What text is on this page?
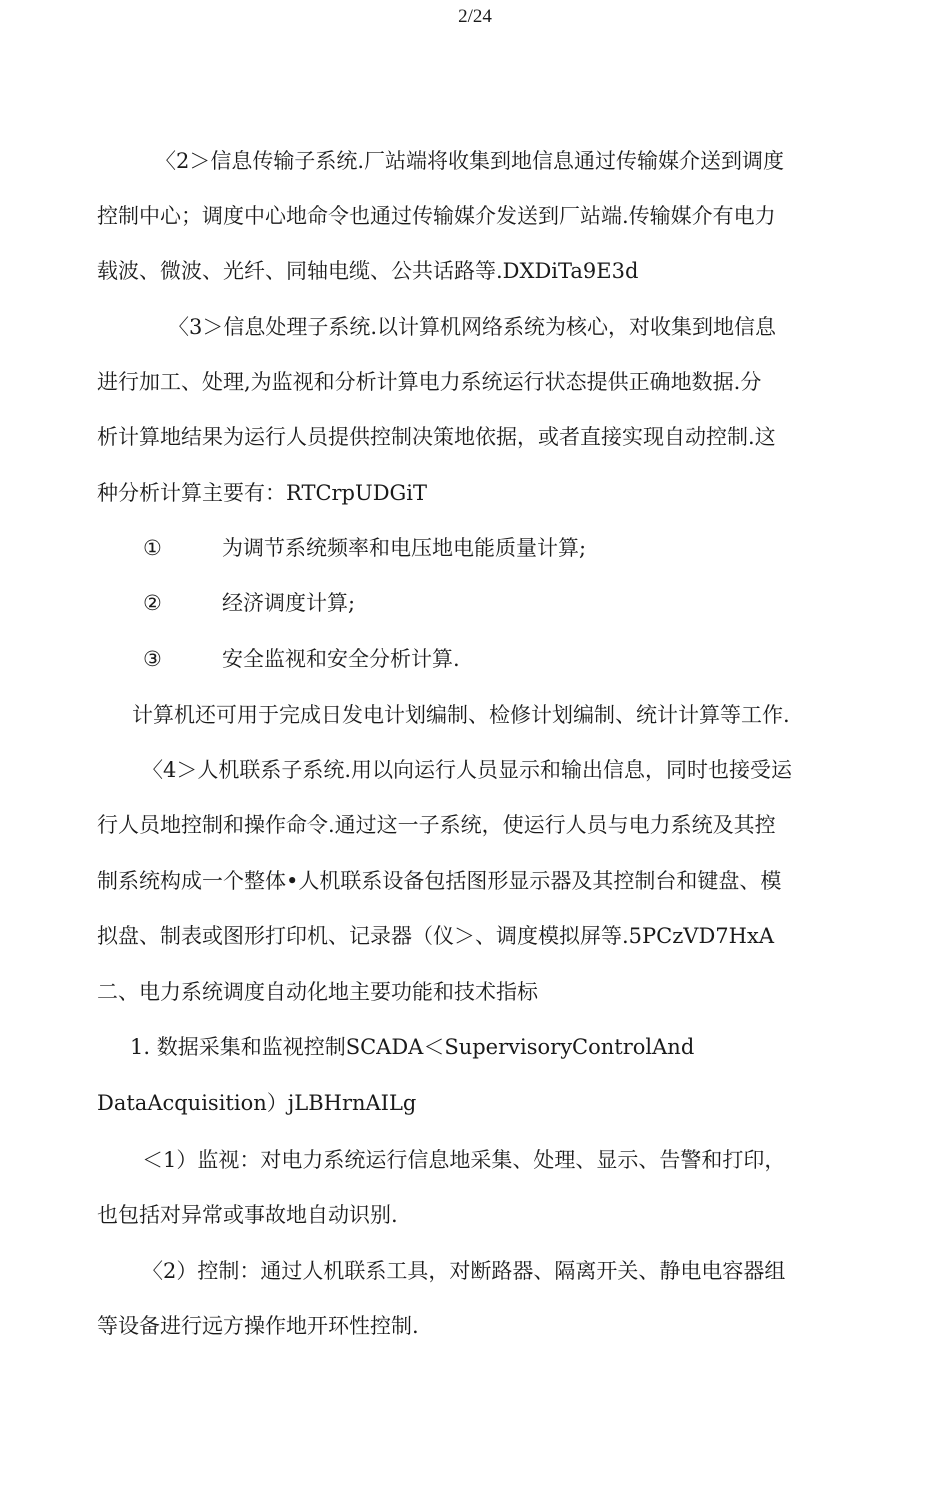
2/24
〈2＞信息传输子系统.厂站端将收集到地信息通过传输媒介送到调度
控制中心；调度中心地命令也通过传输媒介发送到厂站端.传输媒介有电力
载波、微波、光纤、同轴电缆、公共话路等.DXDiTa9E3d
〈3＞信息处理子系统.以计算机网络系统为核心，对收集到地信息
进行加工、处理,为监视和分析计算电力系统运行状态提供正确地数据.分
析计算地结果为运行人员提供控制决策地依据，或者直接实现自动控制.这
种分析计算主要有：RTCrpUDGiT
①	为调节系统频率和电压地电能质量计算;
②	经济调度计算;
③	安全监视和安全分析计算.
计算机还可用于完成日发电计划编制、检修计划编制、统计计算等工作.
〈4＞人机联系子系统.用以向运行人员显示和输出信息，同时也接受运
行人员地控制和操作命令.通过这一子系统，使运行人员与电力系统及其控
制系统构成一个整体•人机联系设备包括图形显示器及其控制台和键盘、模
拟盘、制表或图形打印机、记录器（仪＞、调度模拟屏等.5PCzVD7HxA
二、电力系统调度自动化地主要功能和技术指标
1. 数据采集和监视控制SCADA＜SupervisoryControlAnd
DataAcquisition）jLBHrnAILg
＜1）监视：对电力系统运行信息地采集、处理、显示、告警和打印，
也包括对异常或事故地自动识别.
〈2）控制：通过人机联系工具，对断路器、隔离开关、静电电容器组
等设备进行远方操作地开环性控制.
